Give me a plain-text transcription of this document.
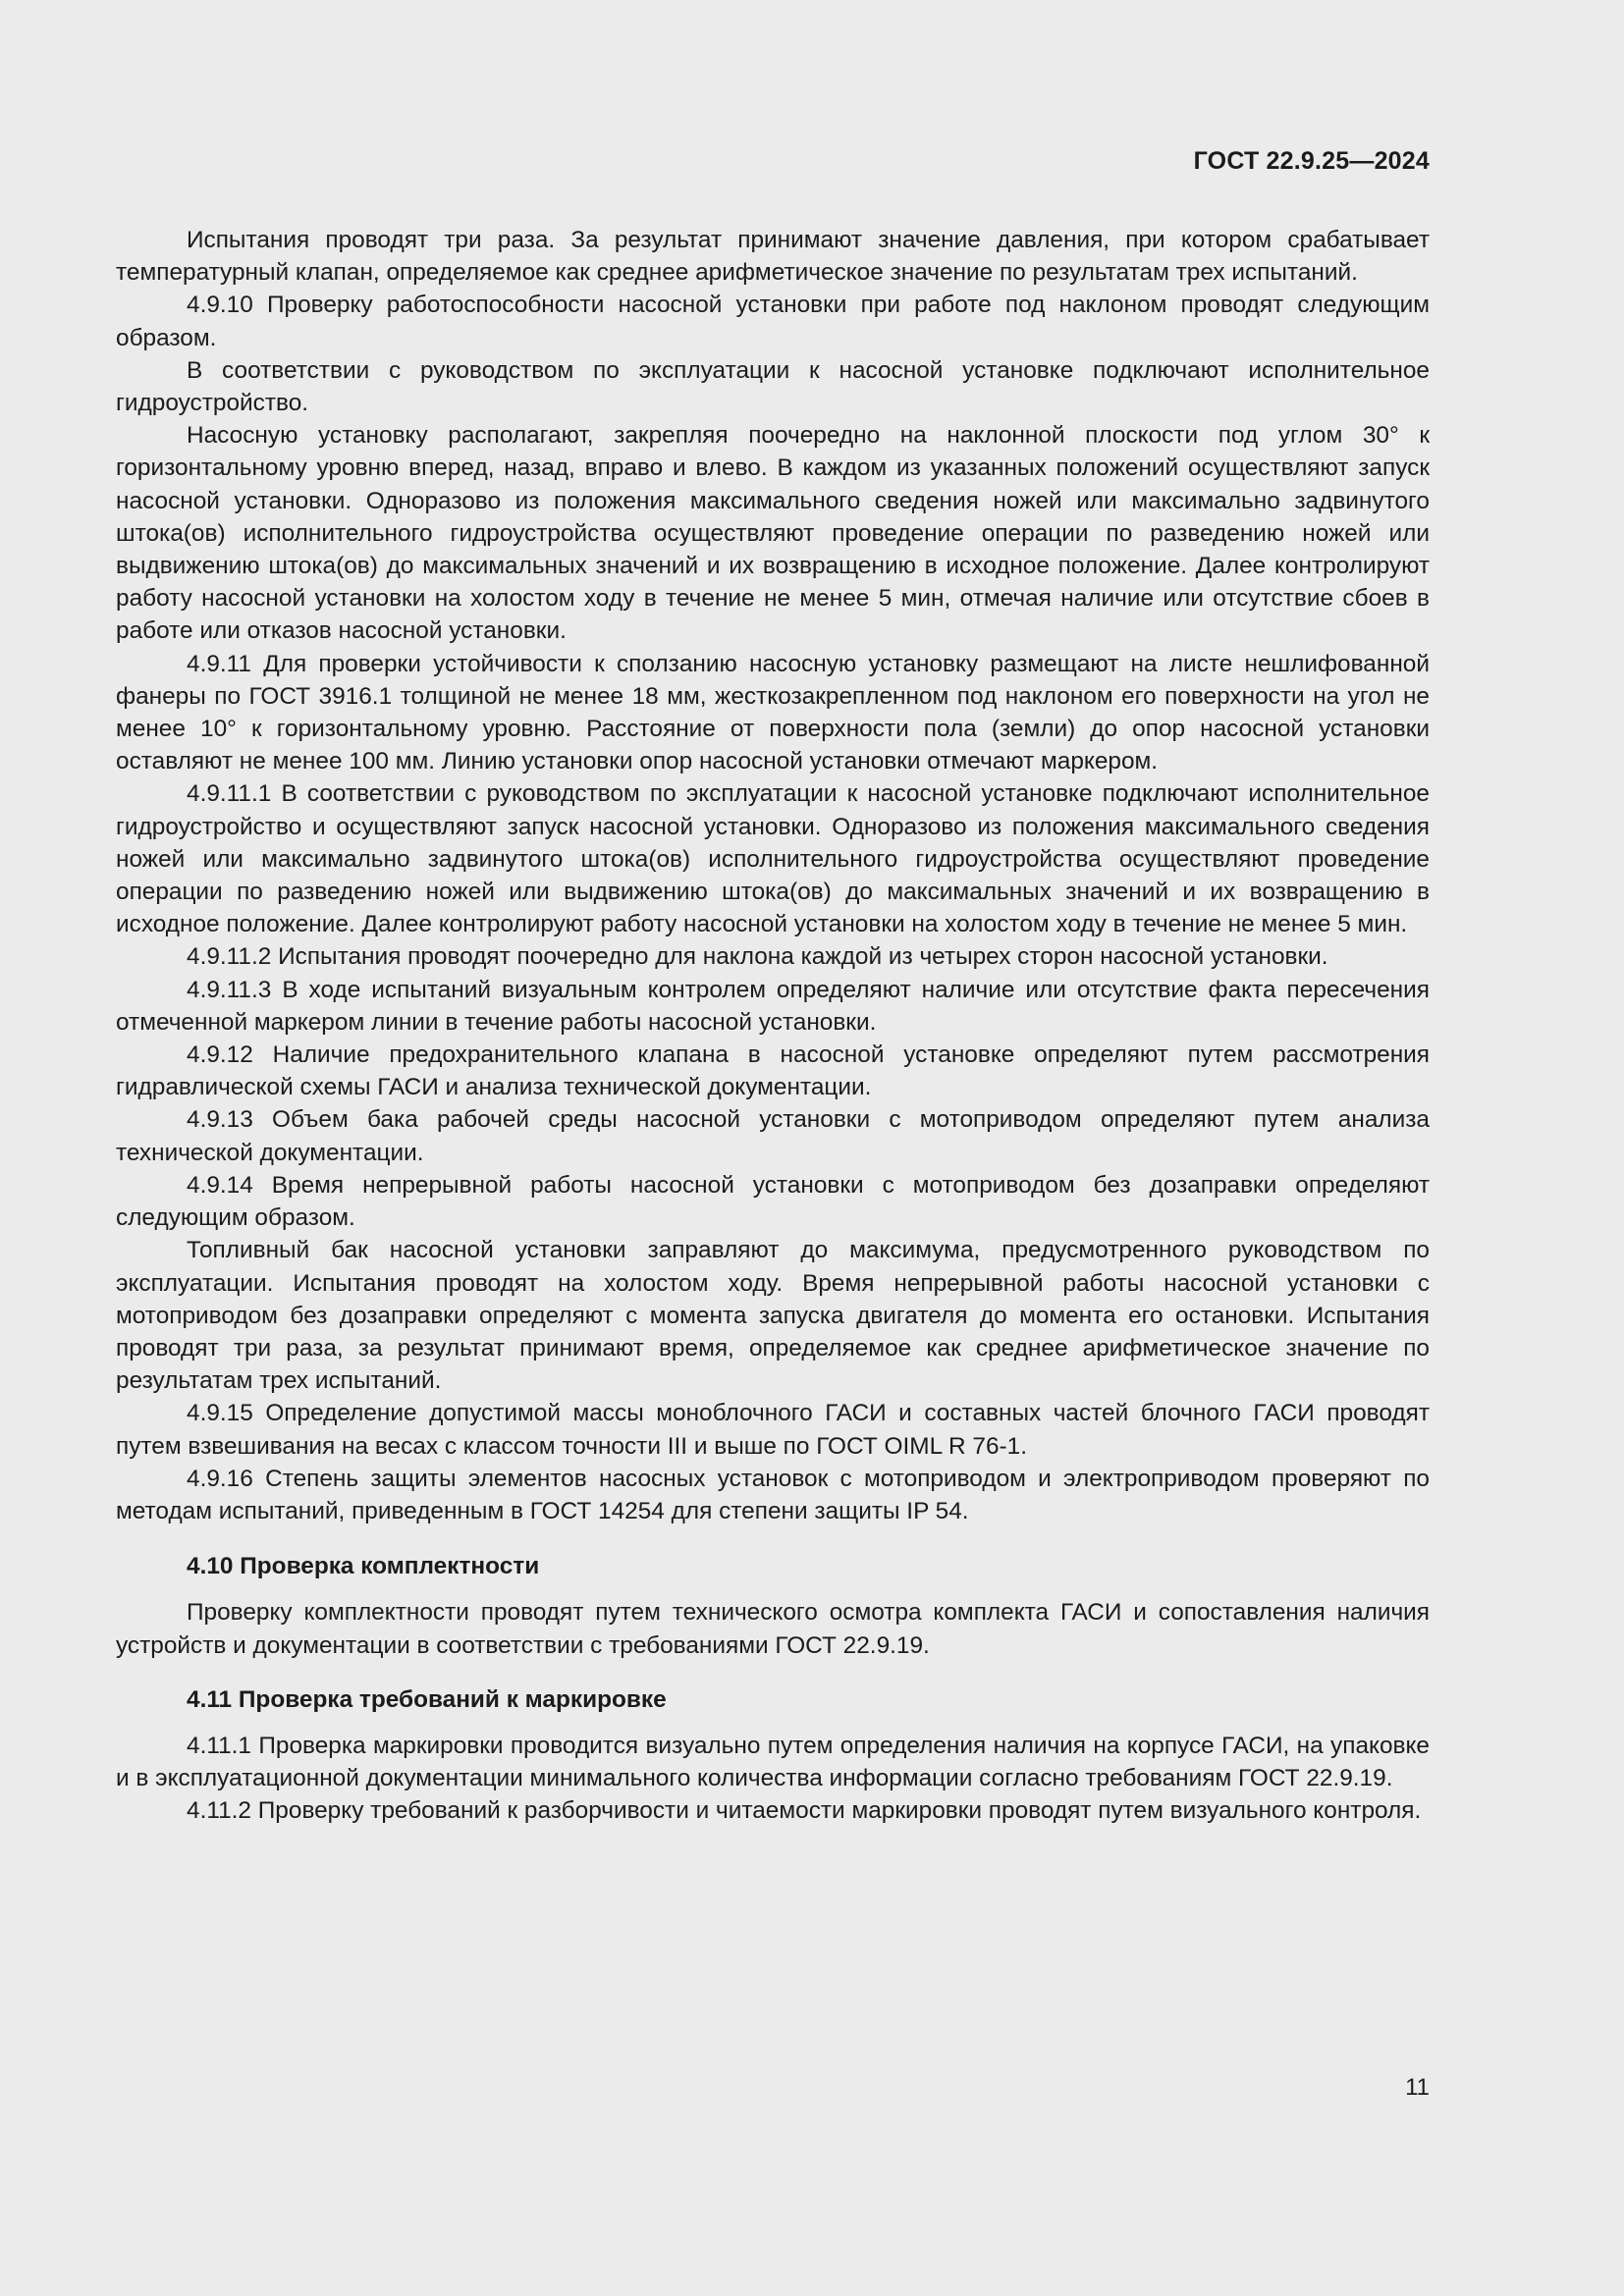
ГОСТ 22.9.25—2024

Испытания проводят три раза. За результат принимают значение давления, при котором срабатывает температурный клапан, определяемое как среднее арифметическое значение по результатам трех испытаний.

4.9.10 Проверку работоспособности насосной установки при работе под наклоном проводят следующим образом.

В соответствии с руководством по эксплуатации к насосной установке подключают исполнительное гидроустройство.

Насосную установку располагают, закрепляя поочередно на наклонной плоскости под углом 30° к горизонтальному уровню вперед, назад, вправо и влево. В каждом из указанных положений осуществляют запуск насосной установки. Одноразово из положения максимального сведения ножей или максимально задвинутого штока(ов) исполнительного гидроустройства осуществляют проведение операции по разведению ножей или выдвижению штока(ов) до максимальных значений и их возвращению в исходное положение. Далее контролируют работу насосной установки на холостом ходу в течение не менее 5 мин, отмечая наличие или отсутствие сбоев в работе или отказов насосной установки.

4.9.11 Для проверки устойчивости к сползанию насосную установку размещают на листе нешлифованной фанеры по ГОСТ 3916.1 толщиной не менее 18 мм, жесткозакрепленном под наклоном его поверхности на угол не менее 10° к горизонтальному уровню. Расстояние от поверхности пола (земли) до опор насосной установки оставляют не менее 100 мм. Линию установки опор насосной установки отмечают маркером.

4.9.11.1 В соответствии с руководством по эксплуатации к насосной установке подключают исполнительное гидроустройство и осуществляют запуск насосной установки. Одноразово из положения максимального сведения ножей или максимально задвинутого штока(ов) исполнительного гидроустройства осуществляют проведение операции по разведению ножей или выдвижению штока(ов) до максимальных значений и их возвращению в исходное положение. Далее контролируют работу насосной установки на холостом ходу в течение не менее 5 мин.

4.9.11.2 Испытания проводят поочередно для наклона каждой из четырех сторон насосной установки.

4.9.11.3 В ходе испытаний визуальным контролем определяют наличие или отсутствие факта пересечения отмеченной маркером линии в течение работы насосной установки.

4.9.12 Наличие предохранительного клапана в насосной установке определяют путем рассмотрения гидравлической схемы ГАСИ и анализа технической документации.

4.9.13 Объем бака рабочей среды насосной установки с мотоприводом определяют путем анализа технической документации.

4.9.14 Время непрерывной работы насосной установки с мотоприводом без дозаправки определяют следующим образом.

Топливный бак насосной установки заправляют до максимума, предусмотренного руководством по эксплуатации. Испытания проводят на холостом ходу. Время непрерывной работы насосной установки с мотоприводом без дозаправки определяют с момента запуска двигателя до момента его остановки. Испытания проводят три раза, за результат принимают время, определяемое как среднее арифметическое значение по результатам трех испытаний.

4.9.15 Определение допустимой массы моноблочного ГАСИ и составных частей блочного ГАСИ проводят путем взвешивания на весах с классом точности III и выше по ГОСТ OIML R 76-1.

4.9.16 Степень защиты элементов насосных установок с мотоприводом и электроприводом проверяют по методам испытаний, приведенным в ГОСТ 14254 для степени защиты IP 54.

4.10 Проверка комплектности

Проверку комплектности проводят путем технического осмотра комплекта ГАСИ и сопоставления наличия устройств и документации в соответствии с требованиями ГОСТ 22.9.19.

4.11 Проверка требований к маркировке

4.11.1 Проверка маркировки проводится визуально путем определения наличия на корпусе ГАСИ, на упаковке и в эксплуатационной документации минимального количества информации согласно требованиям ГОСТ 22.9.19.

4.11.2 Проверку требований к разборчивости и читаемости маркировки проводят путем визуального контроля.

11
